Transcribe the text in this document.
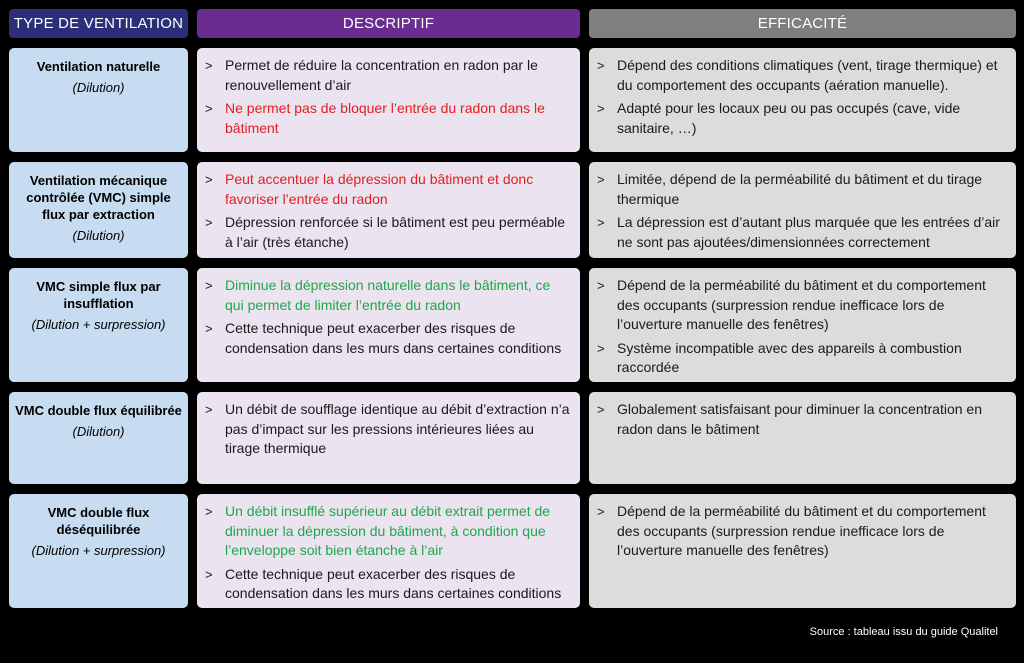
TYPE DE VENTILATION	DESCRIPTIF	EFFICACITÉ
Ventilation naturelle
(Dilution)
> Permet de réduire la concentration en radon par le renouvellement d’air
> Ne permet pas de bloquer l’entrée du radon dans le bâtiment
> Dépend des conditions climatiques (vent, tirage thermique) et du comportement des occupants (aération manuelle).
> Adapté pour les locaux peu ou pas occupés (cave, vide sanitaire, …)
Ventilation mécanique contrôlée (VMC) simple flux par extraction
(Dilution)
> Peut accentuer la dépression du bâtiment et donc favoriser l’entrée du radon
> Dépression renforcée si le bâtiment est peu perméable à l’air (très étanche)
> Limitée, dépend de la perméabilité du bâtiment et du tirage thermique
> La dépression est d’autant plus marquée que les entrées d’air ne sont pas ajoutées/dimensionnées correctement
VMC simple flux par insufflation
(Dilution + surpression)
> Diminue la dépression naturelle dans le bâtiment, ce qui permet de limiter l’entrée du radon
> Cette technique peut exacerber des risques de condensation dans les murs dans certaines conditions
> Dépend de la perméabilité du bâtiment et du comportement des occupants (surpression rendue inefficace lors de l’ouverture manuelle des fenêtres)
> Système incompatible avec des appareils à combustion raccordée
VMC double flux équilibrée
(Dilution)
> Un débit de soufflage identique au débit d’extraction n’a pas d’impact sur les pressions intérieures liées au tirage thermique
> Globalement satisfaisant pour diminuer la concentration en radon dans le bâtiment
VMC double flux déséquilibrée
(Dilution + surpression)
> Un débit insufflé supérieur au débit extrait permet de diminuer la dépression du bâtiment, à condition que l’enveloppe soit bien étanche à l’air
> Cette technique peut exacerber des risques de condensation dans les murs dans certaines conditions
> Dépend de la perméabilité du bâtiment et du comportement des occupants (surpression rendue inefficace lors de l’ouverture manuelle des fenêtres)
Source : tableau issu du guide Qualitel
